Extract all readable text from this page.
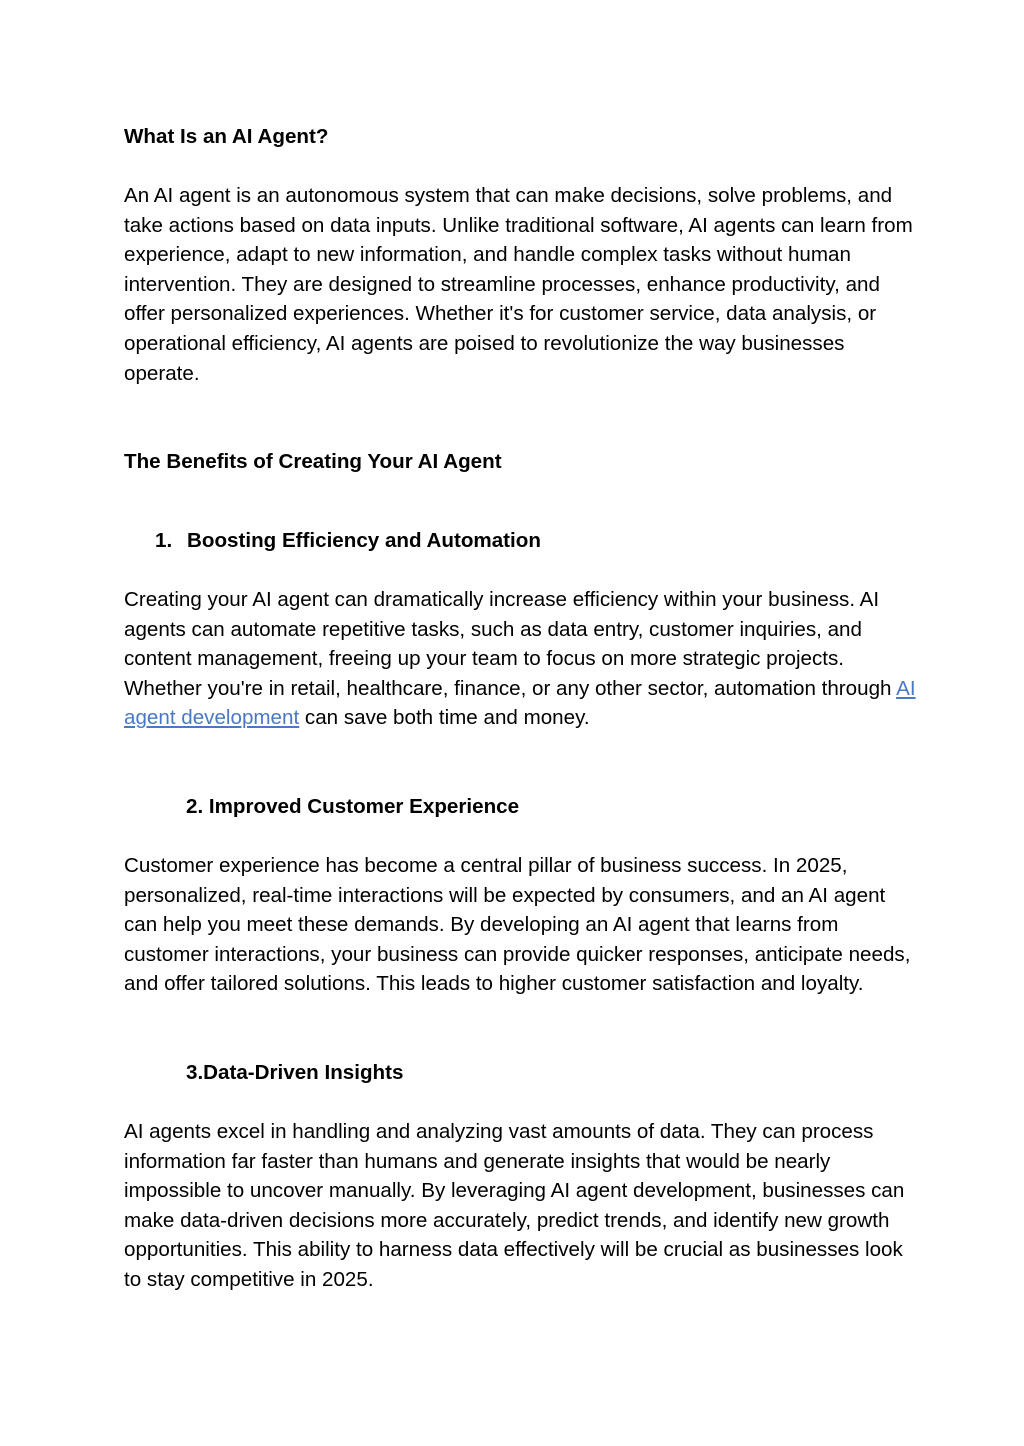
What Is an AI Agent?

An AI agent is an autonomous system that can make decisions, solve problems, and take actions based on data inputs. Unlike traditional software, AI agents can learn from experience, adapt to new information, and handle complex tasks without human intervention. They are designed to streamline processes, enhance productivity, and offer personalized experiences. Whether it's for customer service, data analysis, or operational efficiency, AI agents are poised to revolutionize the way businesses operate.

The Benefits of Creating Your AI Agent

1. Boosting Efficiency and Automation

Creating your AI agent can dramatically increase efficiency within your business. AI agents can automate repetitive tasks, such as data entry, customer inquiries, and content management, freeing up your team to focus on more strategic projects. Whether you're in retail, healthcare, finance, or any other sector, automation through AI agent development can save both time and money.

2. Improved Customer Experience

Customer experience has become a central pillar of business success. In 2025, personalized, real-time interactions will be expected by consumers, and an AI agent can help you meet these demands. By developing an AI agent that learns from customer interactions, your business can provide quicker responses, anticipate needs, and offer tailored solutions. This leads to higher customer satisfaction and loyalty.

3.Data-Driven Insights

AI agents excel in handling and analyzing vast amounts of data. They can process information far faster than humans and generate insights that would be nearly impossible to uncover manually. By leveraging AI agent development, businesses can make data-driven decisions more accurately, predict trends, and identify new growth opportunities. This ability to harness data effectively will be crucial as businesses look to stay competitive in 2025.
